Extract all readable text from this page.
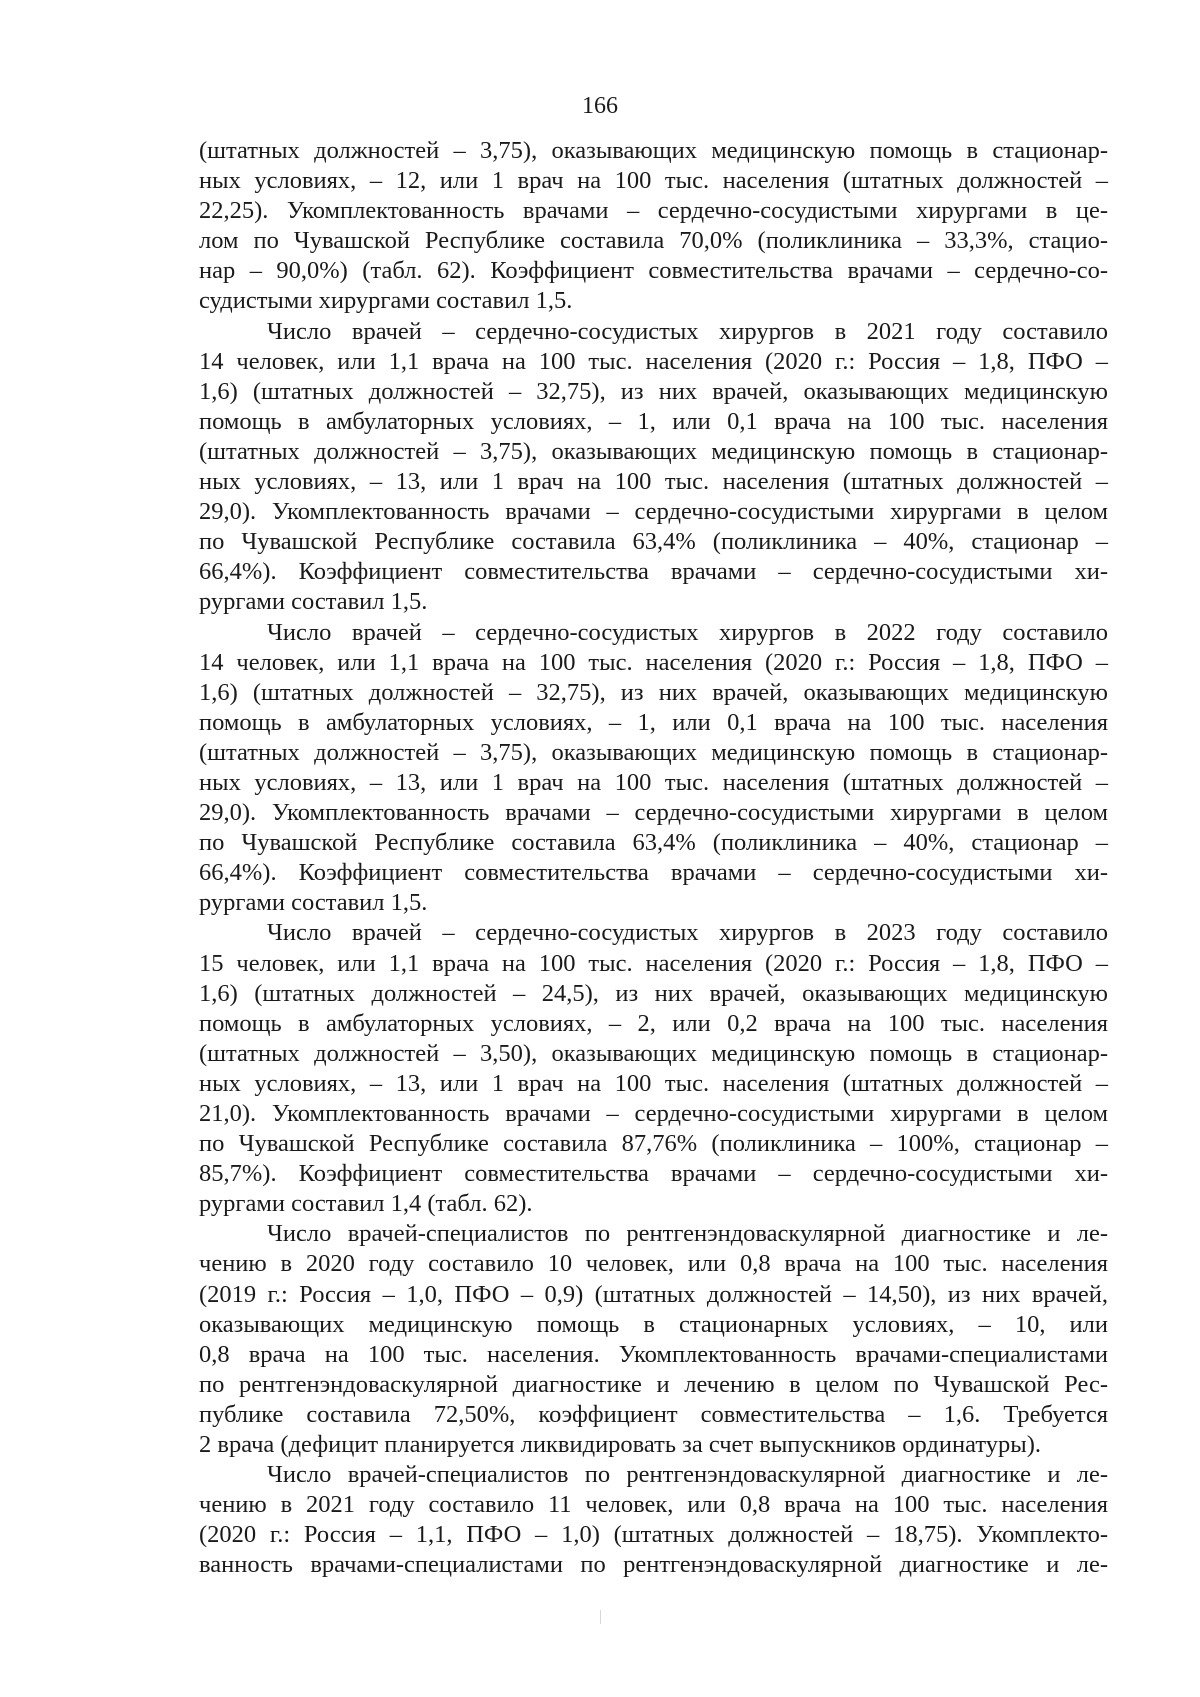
166
(штатных должностей – 3,75), оказывающих медицинскую помощь в стационар-
ных условиях, – 12, или 1 врач на 100 тыс. населения (штатных должностей –
22,25). Укомплектованность врачами – сердечно-сосудистыми хирургами в це-
лом по Чувашской Республике составила 70,0% (поликлиника – 33,3%, стацио-
нар – 90,0%) (табл. 62). Коэффициент совместительства врачами – сердечно-со-
судистыми хирургами составил 1,5.
Число врачей – сердечно-сосудистых хирургов в 2021 году составило
14 человек, или 1,1 врача на 100 тыс. населения (2020 г.: Россия – 1,8, ПФО –
1,6) (штатных должностей – 32,75), из них врачей, оказывающих медицинскую
помощь в амбулаторных условиях, – 1, или 0,1 врача на 100 тыс. населения
(штатных должностей – 3,75), оказывающих медицинскую помощь в стационар-
ных условиях, – 13, или 1 врач на 100 тыс. населения (штатных должностей –
29,0). Укомплектованность врачами – сердечно-сосудистыми хирургами в целом
по Чувашской Республике составила 63,4% (поликлиника – 40%, стационар –
66,4%). Коэффициент совместительства врачами – сердечно-сосудистыми хи-
рургами составил 1,5.
Число врачей – сердечно-сосудистых хирургов в 2022 году составило
14 человек, или 1,1 врача на 100 тыс. населения (2020 г.: Россия – 1,8, ПФО –
1,6) (штатных должностей – 32,75), из них врачей, оказывающих медицинскую
помощь в амбулаторных условиях, – 1, или 0,1 врача на 100 тыс. населения
(штатных должностей – 3,75), оказывающих медицинскую помощь в стационар-
ных условиях, – 13, или 1 врач на 100 тыс. населения (штатных должностей –
29,0). Укомплектованность врачами – сердечно-сосудистыми хирургами в целом
по Чувашской Республике составила 63,4% (поликлиника – 40%, стационар –
66,4%). Коэффициент совместительства врачами – сердечно-сосудистыми хи-
рургами составил 1,5.
Число врачей – сердечно-сосудистых хирургов в 2023 году составило
15 человек, или 1,1 врача на 100 тыс. населения (2020 г.: Россия – 1,8, ПФО –
1,6) (штатных должностей – 24,5), из них врачей, оказывающих медицинскую
помощь в амбулаторных условиях, – 2, или 0,2 врача на 100 тыс. населения
(штатных должностей – 3,50), оказывающих медицинскую помощь в стационар-
ных условиях, – 13, или 1 врач на 100 тыс. населения (штатных должностей –
21,0). Укомплектованность врачами – сердечно-сосудистыми хирургами в целом
по Чувашской Республике составила 87,76% (поликлиника – 100%, стационар –
85,7%). Коэффициент совместительства врачами – сердечно-сосудистыми хи-
рургами составил 1,4 (табл. 62).
Число врачей-специалистов по рентгенэндоваскулярной диагностике и ле-
чению в 2020 году составило 10 человек, или 0,8 врача на 100 тыс. населения
(2019 г.: Россия – 1,0, ПФО – 0,9) (штатных должностей – 14,50), из них врачей,
оказывающих медицинскую помощь в стационарных условиях, – 10, или
0,8 врача на 100 тыс. населения. Укомплектованность врачами-специалистами
по рентгенэндоваскулярной диагностике и лечению в целом по Чувашской Рес-
публике составила 72,50%, коэффициент совместительства – 1,6. Требуется
2 врача (дефицит планируется ликвидировать за счет выпускников ординатуры).
Число врачей-специалистов по рентгенэндоваскулярной диагностике и ле-
чению в 2021 году составило 11 человек, или 0,8 врача на 100 тыс. населения
(2020 г.: Россия – 1,1, ПФО – 1,0) (штатных должностей – 18,75). Укомплекто-
ванность врачами-специалистами по рентгенэндоваскулярной диагностике и ле-
